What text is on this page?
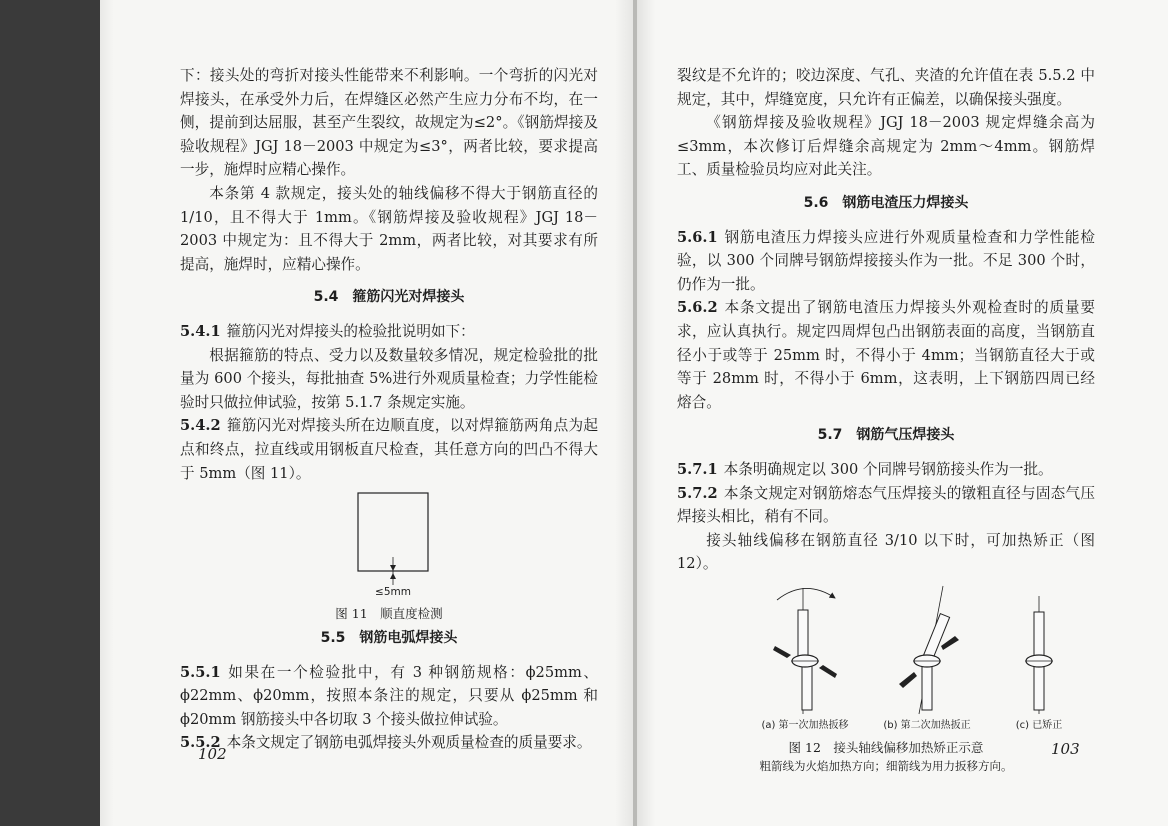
下：接头处的弯折对接头性能带来不利影响。一个弯折的闪光对焊接头，在承受外力后，在焊缝区必然产生应力分布不均，在一侧，提前到达屈服，甚至产生裂纹，故规定为≤2°。《钢筋焊接及验收规程》JGJ 18－2003 中规定为≤3°，两者比较，要求提高一步，施焊时应精心操作。

本条第 4 款规定，接头处的轴线偏移不得大于钢筋直径的 1/10，且不得大于 1mm。《钢筋焊接及验收规程》JGJ 18－2003 中规定为：且不得大于 2mm，两者比较，对其要求有所提高，施焊时，应精心操作。

5.4　箍筋闪光对焊接头

5.4.1 箍筋闪光对焊接头的检验批说明如下：

根据箍筋的特点、受力以及数量较多情况，规定检验批的批量为 600 个接头，每批抽查 5%进行外观质量检查；力学性能检验时只做拉伸试验，按第 5.1.7 条规定实施。

5.4.2 箍筋闪光对焊接头所在边顺直度，以对焊箍筋两角点为起点和终点，拉直线或用钢板直尺检查，其任意方向的凹凸不得大于 5mm（图 11）。

≤5mm
图 11　顺直度检测
5.5　钢筋电弧焊接头

5.5.1 如果在一个检验批中，有 3 种钢筋规格：ϕ25mm、ϕ22mm、ϕ20mm，按照本条注的规定，只要从 ϕ25mm 和 ϕ20mm 钢筋接头中各切取 3 个接头做拉伸试验。

5.5.2 本条文规定了钢筋电弧焊接头外观质量检查的质量要求。

102

裂纹是不允许的；咬边深度、气孔、夹渣的允许值在表 5.5.2 中规定，其中，焊缝宽度，只允许有正偏差，以确保接头强度。

《钢筋焊接及验收规程》JGJ 18－2003 规定焊缝余高为≤3mm，本次修订后焊缝余高规定为 2mm～4mm。钢筋焊工、质量检验员均应对此关注。

5.6　钢筋电渣压力焊接头

5.6.1 钢筋电渣压力焊接头应进行外观质量检查和力学性能检验，以 300 个同牌号钢筋焊接接头作为一批。不足 300 个时，仍作为一批。

5.6.2 本条文提出了钢筋电渣压力焊接头外观检查时的质量要求，应认真执行。规定四周焊包凸出钢筋表面的高度，当钢筋直径小于或等于 25mm 时，不得小于 4mm；当钢筋直径大于或等于 28mm 时，不得小于 6mm，这表明，上下钢筋四周已经熔合。

5.7　钢筋气压焊接头

5.7.1 本条明确规定以 300 个同牌号钢筋接头作为一批。

5.7.2 本条文规定对钢筋熔态气压焊接头的镦粗直径与固态气压焊接头相比，稍有不同。

接头轴线偏移在钢筋直径 3/10 以下时，可加热矫正（图 12）。

(a) 第一次加热扳移	(b) 第二次加热扳正	(c) 已矫正
图 12　接头轴线偏移加热矫正示意
粗箭线为火焰加热方向；细箭线为用力扳移方向。
103
